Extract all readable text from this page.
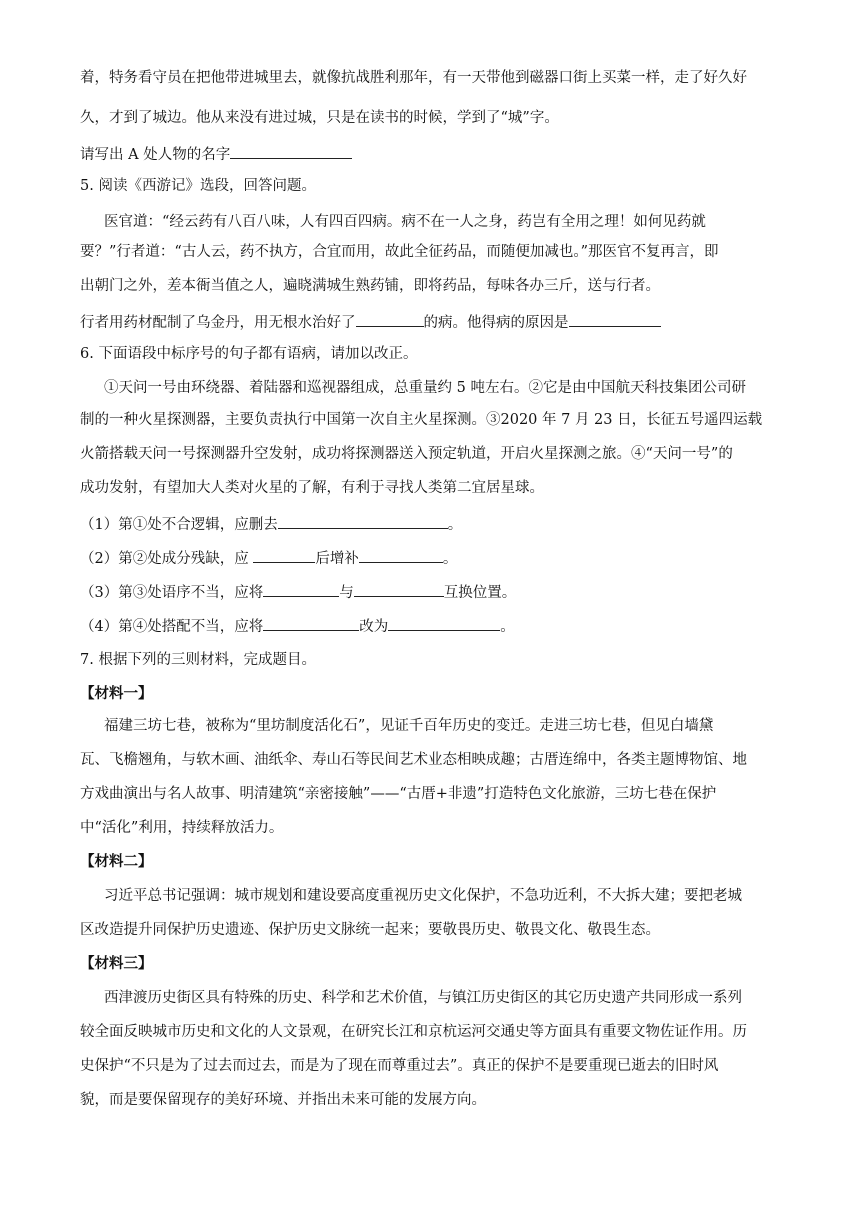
着，特务看守员在把他带进城里去，就像抗战胜利那年，有一天带他到磁器口街上买菜一样，走了好久好
久，才到了城边。他从来没有进过城，只是在读书的时候，学到了“城”字。
请写出 A 处人物的名字
5. 阅读《西游记》选段，回答问题。
医官道：“经云药有八百八味，人有四百四病。病不在一人之身，药岂有全用之理！如何见药就
要？”行者道：“古人云，药不执方，合宜而用，故此全征药品，而随便加减也。”那医官不复再言，即
出朝门之外，差本衙当值之人，遍晓满城生熟药铺，即将药品，每味各办三斤，送与行者。
行者用药材配制了乌金丹，用无根水治好了	的病。他得病的原因是
6. 下面语段中标序号的句子都有语病，请加以改正。
①天问一号由环绕器、着陆器和巡视器组成，总重量约 5 吨左右。②它是由中国航天科技集团公司研
制的一种火星探测器，主要负责执行中国第一次自主火星探测。③2020 年 7 月 23 日，长征五号遥四运载
火箭搭载天问一号探测器升空发射，成功将探测器送入预定轨道，开启火星探测之旅。④“天问一号”的
成功发射，有望加大人类对火星的了解，有利于寻找人类第二宜居星球。
（1）第①处不合逻辑，应删去	。
（2）第②处成分残缺，应	后增补	。
（3）第③处语序不当，应将	与	互换位置。
（4）第④处搭配不当，应将	改为	。
7. 根据下列的三则材料，完成题目。
【材料一】
福建三坊七巷，被称为“里坊制度活化石”，见证千百年历史的变迁。走进三坊七巷，但见白墙黛
瓦、飞檐翘角，与软木画、油纸伞、寿山石等民间艺术业态相映成趣；古厝连绵中，各类主题博物馆、地
方戏曲演出与名人故事、明清建筑“亲密接触”——“古厝+非遗”打造特色文化旅游，三坊七巷在保护
中“活化”利用，持续释放活力。
【材料二】
习近平总书记强调：城市规划和建设要高度重视历史文化保护，不急功近利，不大拆大建；要把老城
区改造提升同保护历史遗迹、保护历史文脉统一起来；要敬畏历史、敬畏文化、敬畏生态。
【材料三】
西津渡历史街区具有特殊的历史、科学和艺术价值，与镇江历史街区的其它历史遗产共同形成一系列
较全面反映城市历史和文化的人文景观，在研究长江和京杭运河交通史等方面具有重要文物佐证作用。历
史保护“不只是为了过去而过去，而是为了现在而尊重过去”。真正的保护不是要重现已逝去的旧时风
貌，而是要保留现存的美好环境、并指出未来可能的发展方向。
